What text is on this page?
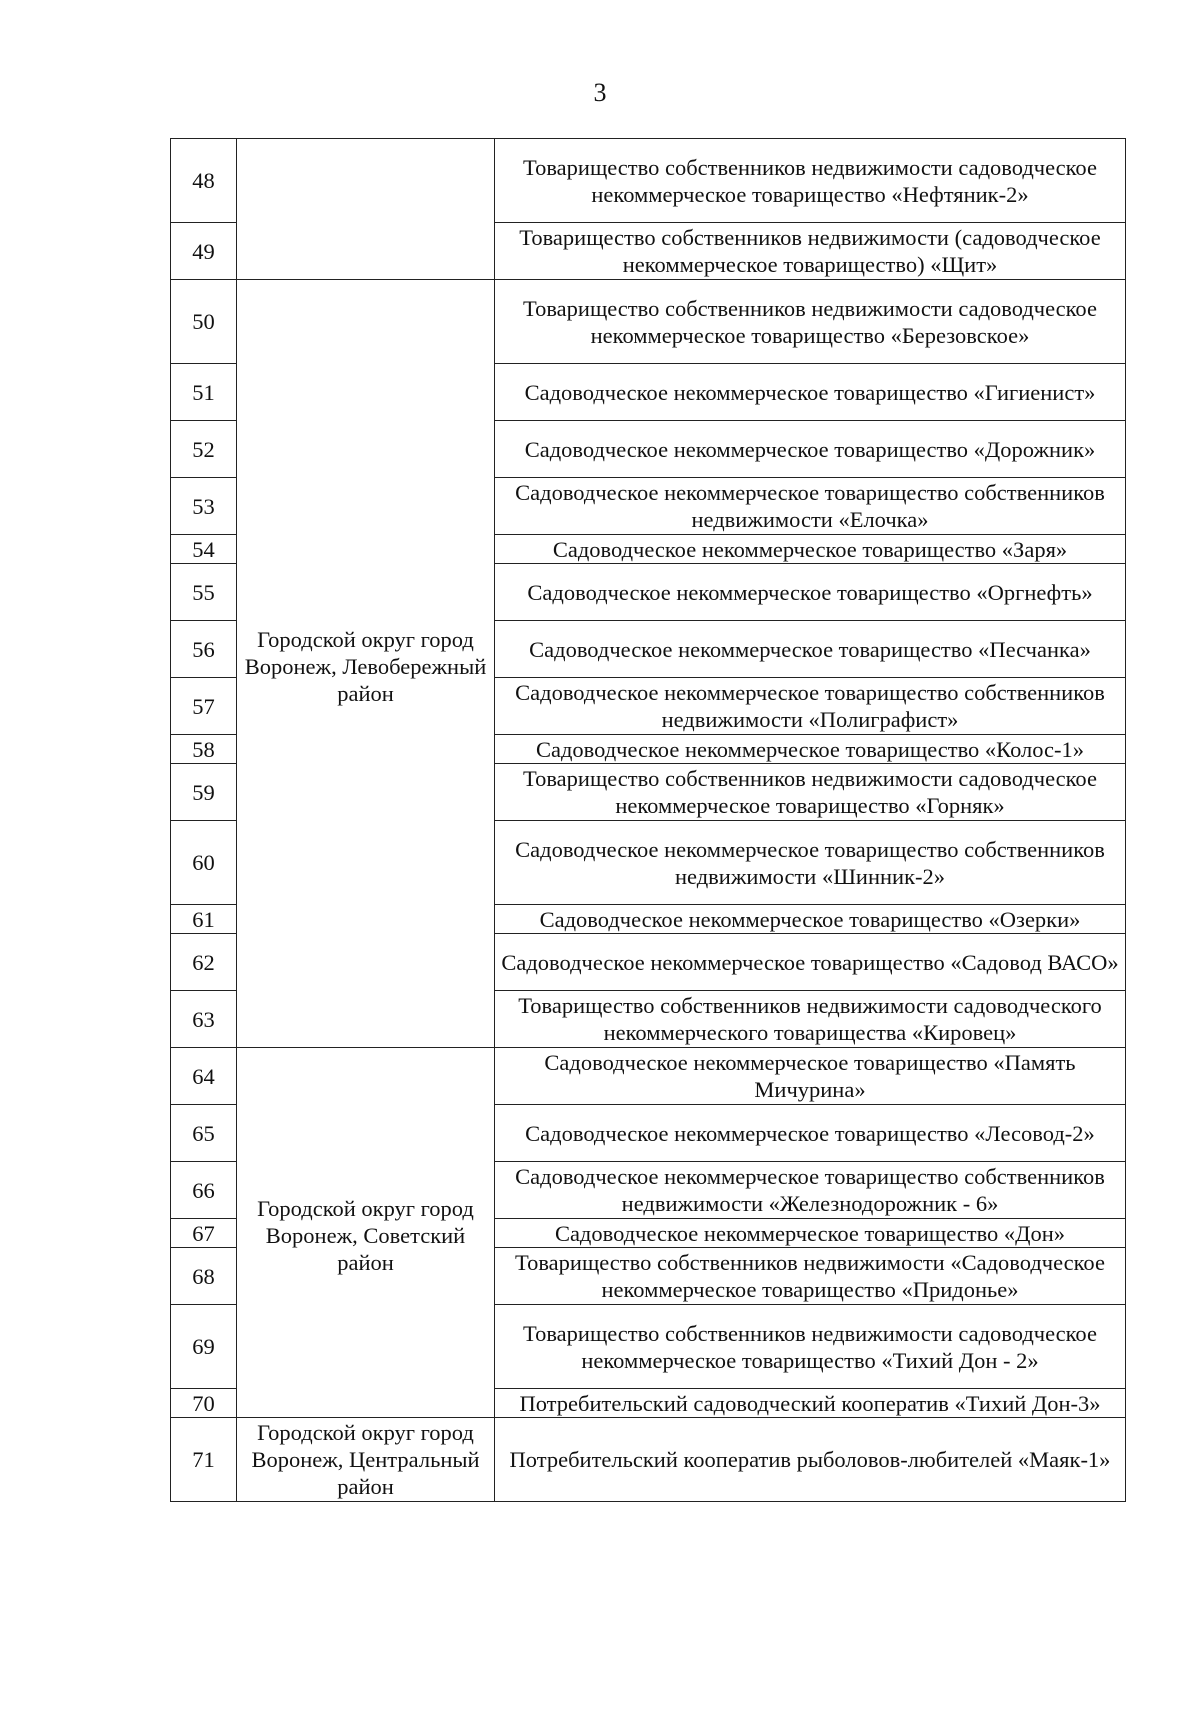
3
48		Товарищество собственников недвижимости садоводческое некоммерческое товарищество «Нефтяник-2»
49		Товарищество собственников недвижимости (садоводческое некоммерческое товарищество) «Щит»
50	Городской округ город Воронеж, Левобережный район	Товарищество собственников недвижимости садоводческое некоммерческое товарищество «Березовское»
51		Садоводческое некоммерческое товарищество «Гигиенист»
52		Садоводческое некоммерческое товарищество «Дорожник»
53		Садоводческое некоммерческое товарищество собственников недвижимости «Елочка»
54		Садоводческое некоммерческое товарищество «Заря»
55		Садоводческое некоммерческое товарищество «Оргнефть»
56		Садоводческое некоммерческое товарищество «Песчанка»
57		Садоводческое некоммерческое товарищество собственников недвижимости «Полиграфист»
58		Садоводческое некоммерческое товарищество «Колос-1»
59		Товарищество собственников недвижимости садоводческое некоммерческое товарищество «Горняк»
60		Садоводческое некоммерческое товарищество собственников недвижимости «Шинник-2»
61		Садоводческое некоммерческое товарищество «Озерки»
62		Садоводческое некоммерческое товарищество «Садовод ВАСО»
63		Товарищество собственников недвижимости садоводческого некоммерческого товарищества «Кировец»
64	Городской округ город Воронеж, Советский район	Садоводческое некоммерческое товарищество «Память Мичурина»
65		Садоводческое некоммерческое товарищество «Лесовод-2»
66		Садоводческое некоммерческое товарищество собственников недвижимости «Железнодорожник - 6»
67		Садоводческое некоммерческое товарищество «Дон»
68		Товарищество собственников недвижимости «Садоводческое некоммерческое товарищество «Придонье»
69		Товарищество собственников недвижимости садоводческое некоммерческое товарищество «Тихий Дон - 2»
70		Потребительский садоводческий кооператив «Тихий Дон-3»
71	Городской округ город Воронеж, Центральный район	Потребительский кооператив рыболовов-любителей «Маяк-1»
